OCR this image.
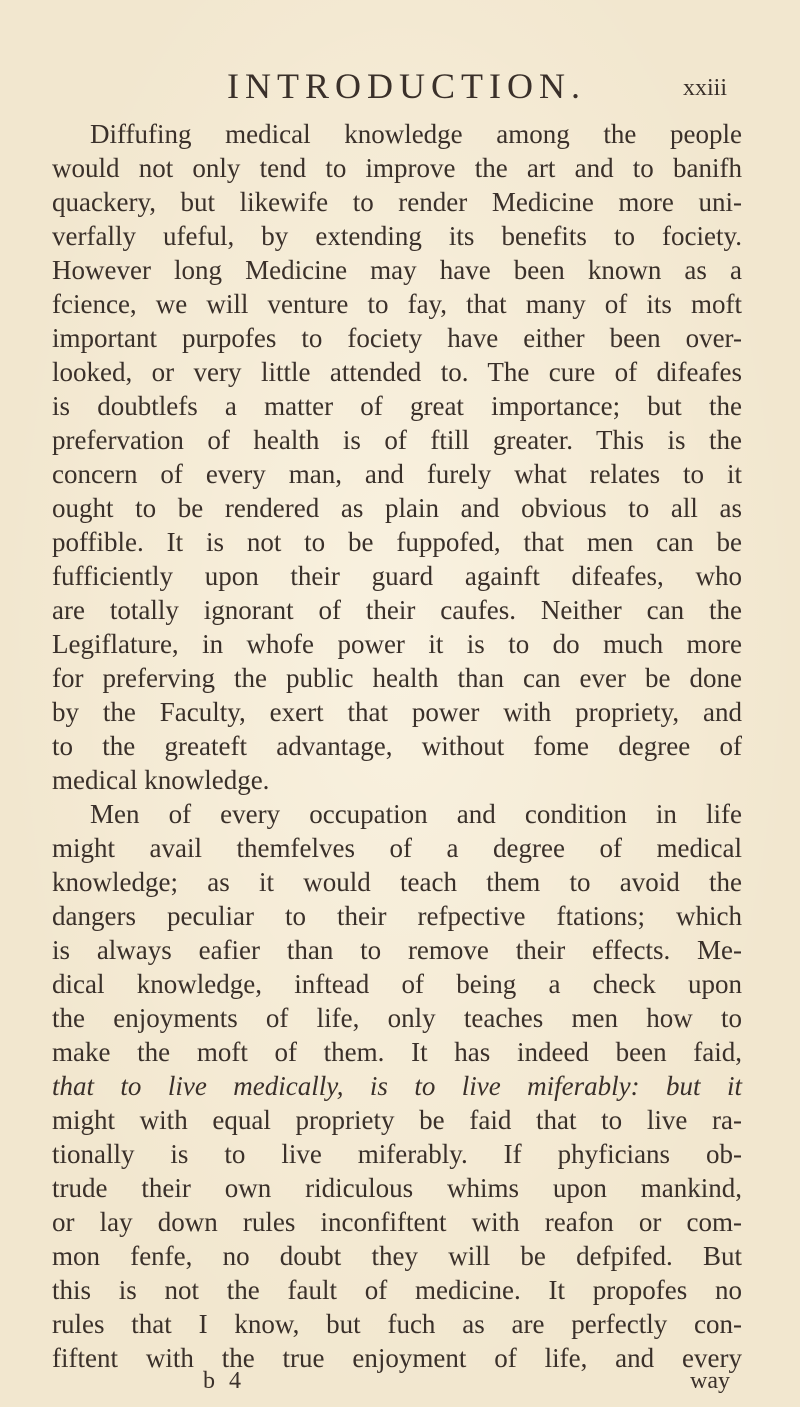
INTRODUCTION.	xxiii
Diffufing medical knowledge among the people
would not only tend to improve the art and to banifh
quackery, but likewife to render Medicine more uni-
verfally ufeful, by extending its benefits to fociety.
However long Medicine may have been known as a
fcience, we will venture to fay, that many of its moft
important purpofes to fociety have either been over-
looked, or very little attended to. The cure of difeafes
is doubtlefs a matter of great importance; but the
prefervation of health is of ftill greater. This is the
concern of every man, and furely what relates to it
ought to be rendered as plain and obvious to all as
poffible. It is not to be fuppofed, that men can be
fufficiently upon their guard againft difeafes, who
are totally ignorant of their caufes. Neither can the
Legiflature, in whofe power it is to do much more
for preferving the public health than can ever be done
by the Faculty, exert that power with propriety, and
to the greateft advantage, without fome degree of
medical knowledge.
Men of every occupation and condition in life
might avail themfelves of a degree of medical
knowledge; as it would teach them to avoid the
dangers peculiar to their refpective ftations; which
is always eafier than to remove their effects. Me-
dical knowledge, inftead of being a check upon
the enjoyments of life, only teaches men how to
make the moft of them. It has indeed been faid,
that to live medically, is to live miferably: but it
might with equal propriety be faid that to live ra-
tionally is to live miferably. If phyficians ob-
trude their own ridiculous whims upon mankind,
or lay down rules inconfiftent with reafon or com-
mon fenfe, no doubt they will be defpifed. But
this is not the fault of medicine. It propofes no
rules that I know, but fuch as are perfectly con-
fiftent with the true enjoyment of life, and every
b 4	way
